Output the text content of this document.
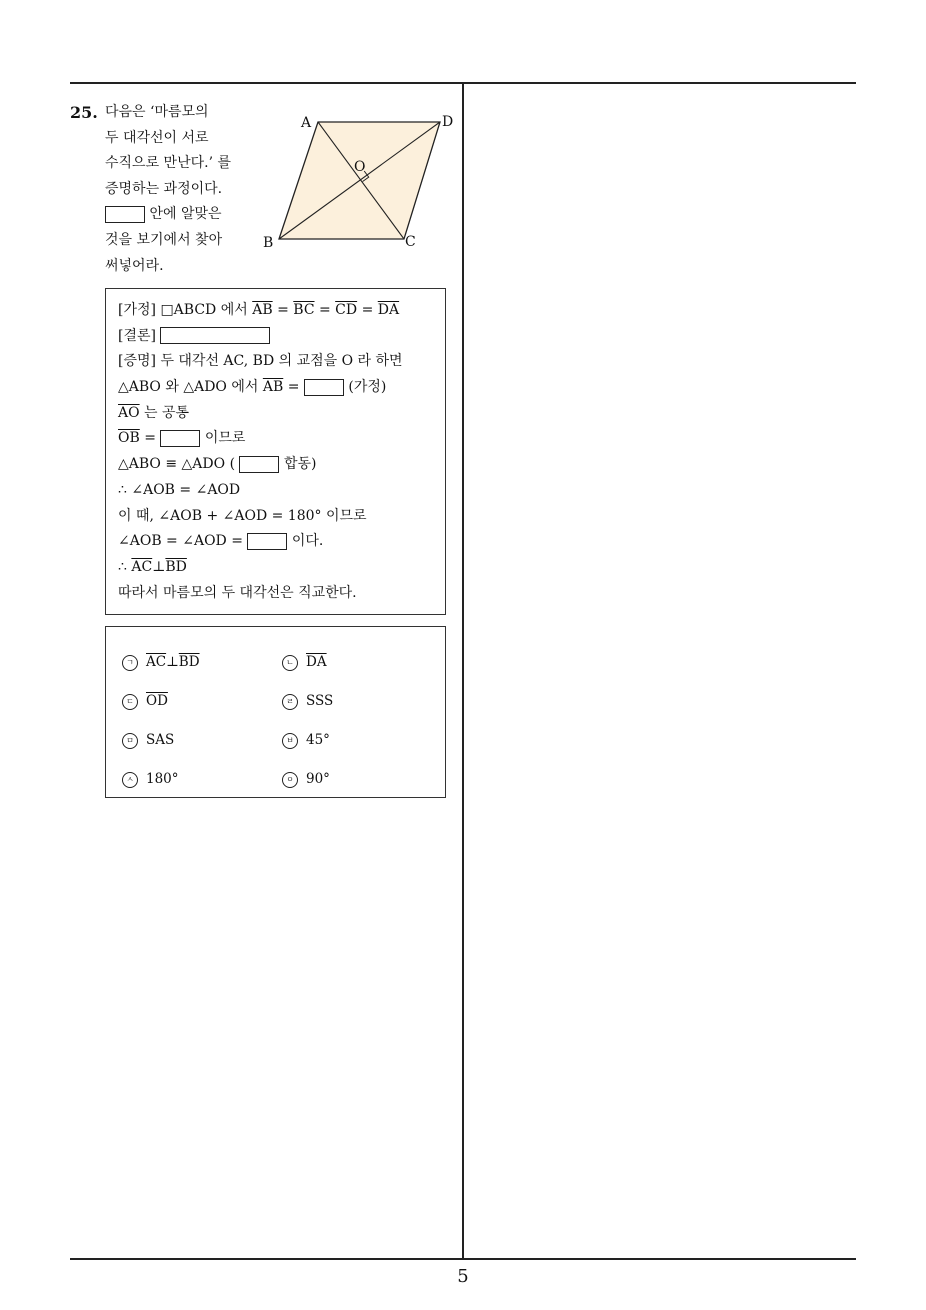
25. 다음은 ‘마름모의
두 대각선이 서로
수직으로 만난다.’ 를
증명하는 과정이다.
안에 알맞은
것을 보기에서 찾아
써넣어라.
A	D
O
B	C
[가정] □ABCD 에서 $\overline{AB} = \overline{BC} = \overline{CD} = \overline{DA}$
[결론]
[증명] 두 대각선 AC, BD 의 교점을 O 라 하면
△ABO 와 △ADO 에서 $\overline{AB}$ =	(가정)
$\overline{AO}$ 는 공통
$\overline{OB}$ =	이므로
△ABO ≡ △ADO (	합동)
∴ ∠AOB = ∠AOD
이 때, ∠AOB + ∠AOD = 180° 이므로
∠AOB = ∠AOD =	이다.
∴ $\overline{AC}\perp\overline{BD}$
따라서 마름모의 두 대각선은 직교한다.
ㄱ $\overline{AC}\perp\overline{BD}$	ㄴ $\overline{DA}$
ㄷ $\overline{OD}$	ㄹ SSS
ㅁ SAS	ㅂ 45°
ㅅ 180°	ㅇ 90°
5
